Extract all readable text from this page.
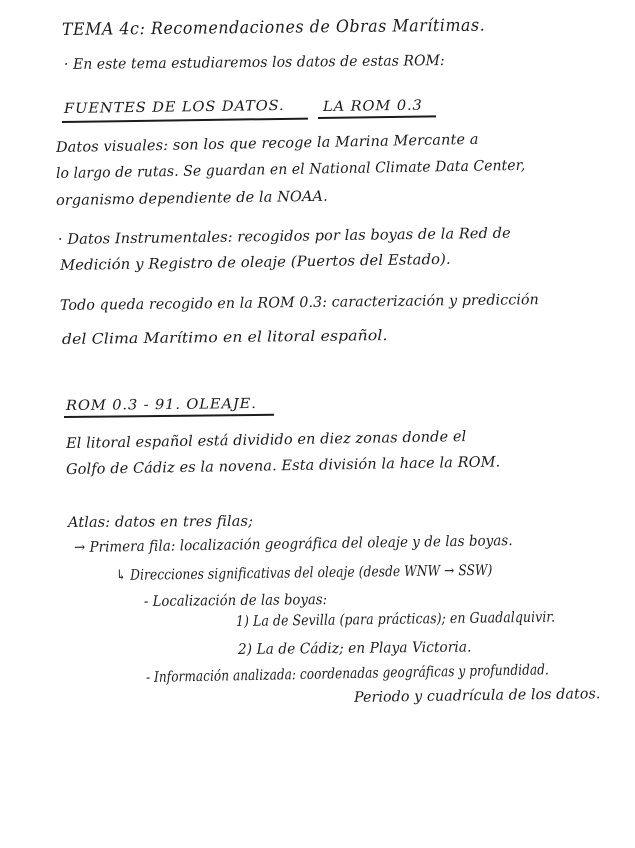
TEMA 4c: Recomendaciones de Obras Marítimas.
· En este tema estudiaremos los datos de estas ROM:
FUENTES DE LOS DATOS.	LA ROM 0.3
Datos visuales: son los que recoge la Marina Mercante a
lo largo de rutas. Se guardan en el National Climate Data Center,
organismo dependiente de la NOAA.
· Datos Instrumentales: recogidos por las boyas de la Red de
Medición y Registro de oleaje (Puertos del Estado).
Todo queda recogido en la ROM 0.3: caracterización y predicción
del Clima Marítimo en el litoral español.
ROM 0.3 - 91. OLEAJE.
El litoral español está dividido en diez zonas donde el
Golfo de Cádiz es la novena. Esta división la hace la ROM.
Atlas: datos en tres filas;
→ Primera fila: localización geográfica del oleaje y de las boyas.
↳ Direcciones significativas del oleaje (desde WNW → SSW)
- Localización de las boyas:
1) La de Sevilla (para prácticas); en Guadalquivir.
2) La de Cádiz; en Playa Victoria.
- Información analizada: coordenadas geográficas y profundidad.
Periodo y cuadrícula de los datos.
